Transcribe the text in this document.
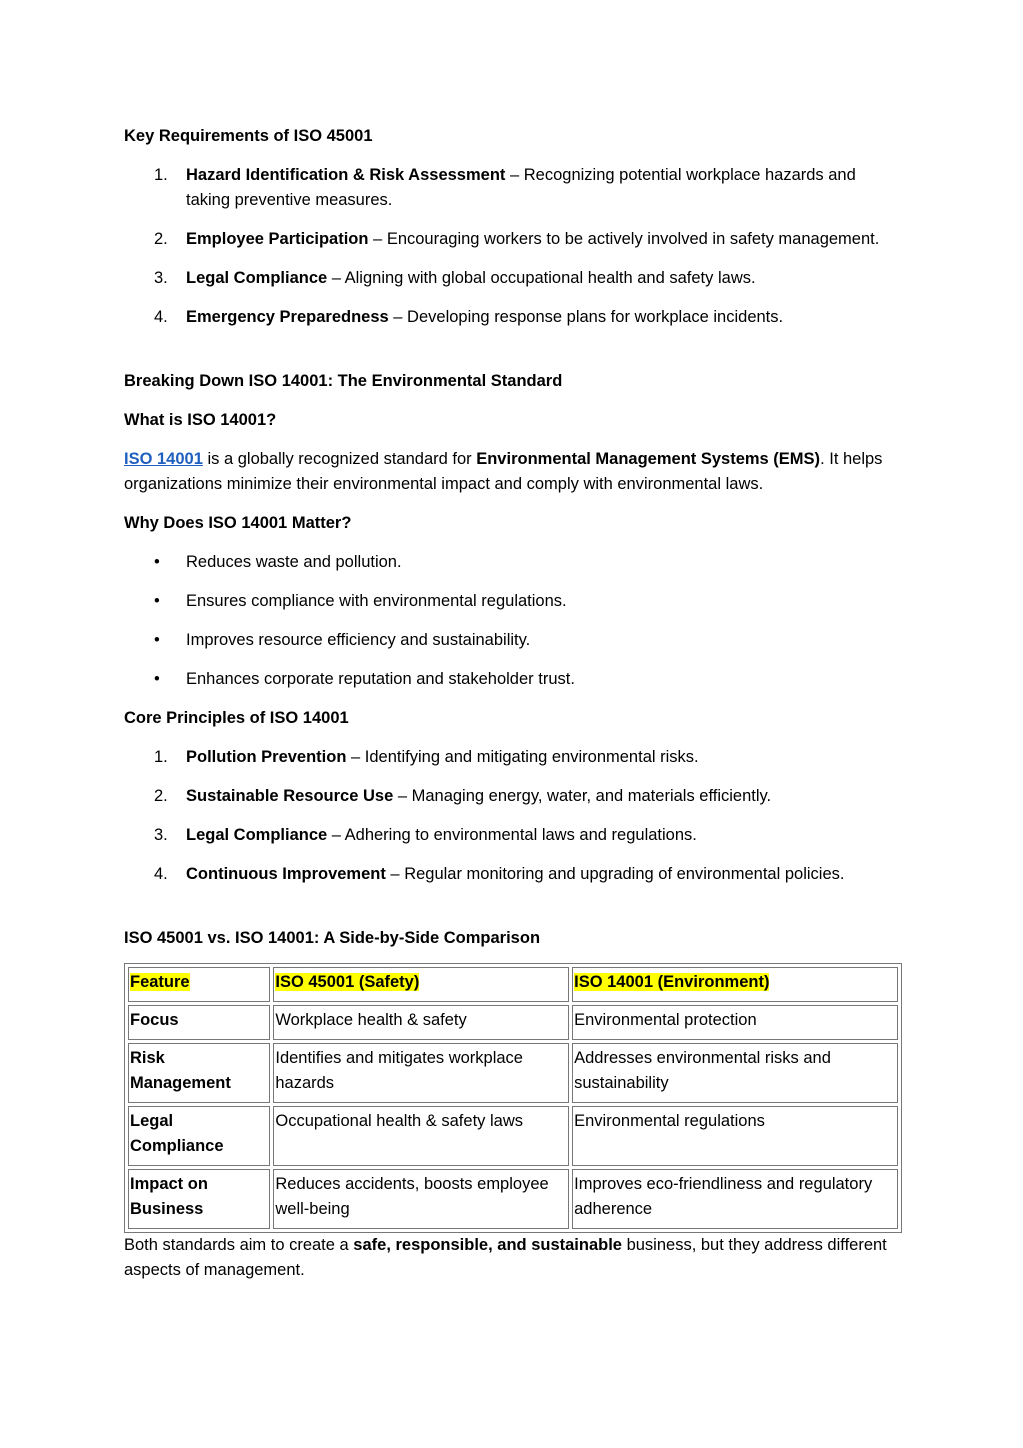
Key Requirements of ISO 45001

1. Hazard Identification & Risk Assessment – Recognizing potential workplace hazards and taking preventive measures.
2. Employee Participation – Encouraging workers to be actively involved in safety management.
3. Legal Compliance – Aligning with global occupational health and safety laws.
4. Emergency Preparedness – Developing response plans for workplace incidents.

Breaking Down ISO 14001: The Environmental Standard

What is ISO 14001?

ISO 14001 is a globally recognized standard for Environmental Management Systems (EMS). It helps organizations minimize their environmental impact and comply with environmental laws.

Why Does ISO 14001 Matter?

• Reduces waste and pollution.
• Ensures compliance with environmental regulations.
• Improves resource efficiency and sustainability.
• Enhances corporate reputation and stakeholder trust.

Core Principles of ISO 14001

1. Pollution Prevention – Identifying and mitigating environmental risks.
2. Sustainable Resource Use – Managing energy, water, and materials efficiently.
3. Legal Compliance – Adhering to environmental laws and regulations.
4. Continuous Improvement – Regular monitoring and upgrading of environmental policies.

ISO 45001 vs. ISO 14001: A Side-by-Side Comparison

Feature	ISO 45001 (Safety)	ISO 14001 (Environment)
Focus	Workplace health & safety	Environmental protection
Risk Management	Identifies and mitigates workplace hazards	Addresses environmental risks and sustainability
Legal Compliance	Occupational health & safety laws	Environmental regulations
Impact on Business	Reduces accidents, boosts employee well-being	Improves eco-friendliness and regulatory adherence

Both standards aim to create a safe, responsible, and sustainable business, but they address different aspects of management.
